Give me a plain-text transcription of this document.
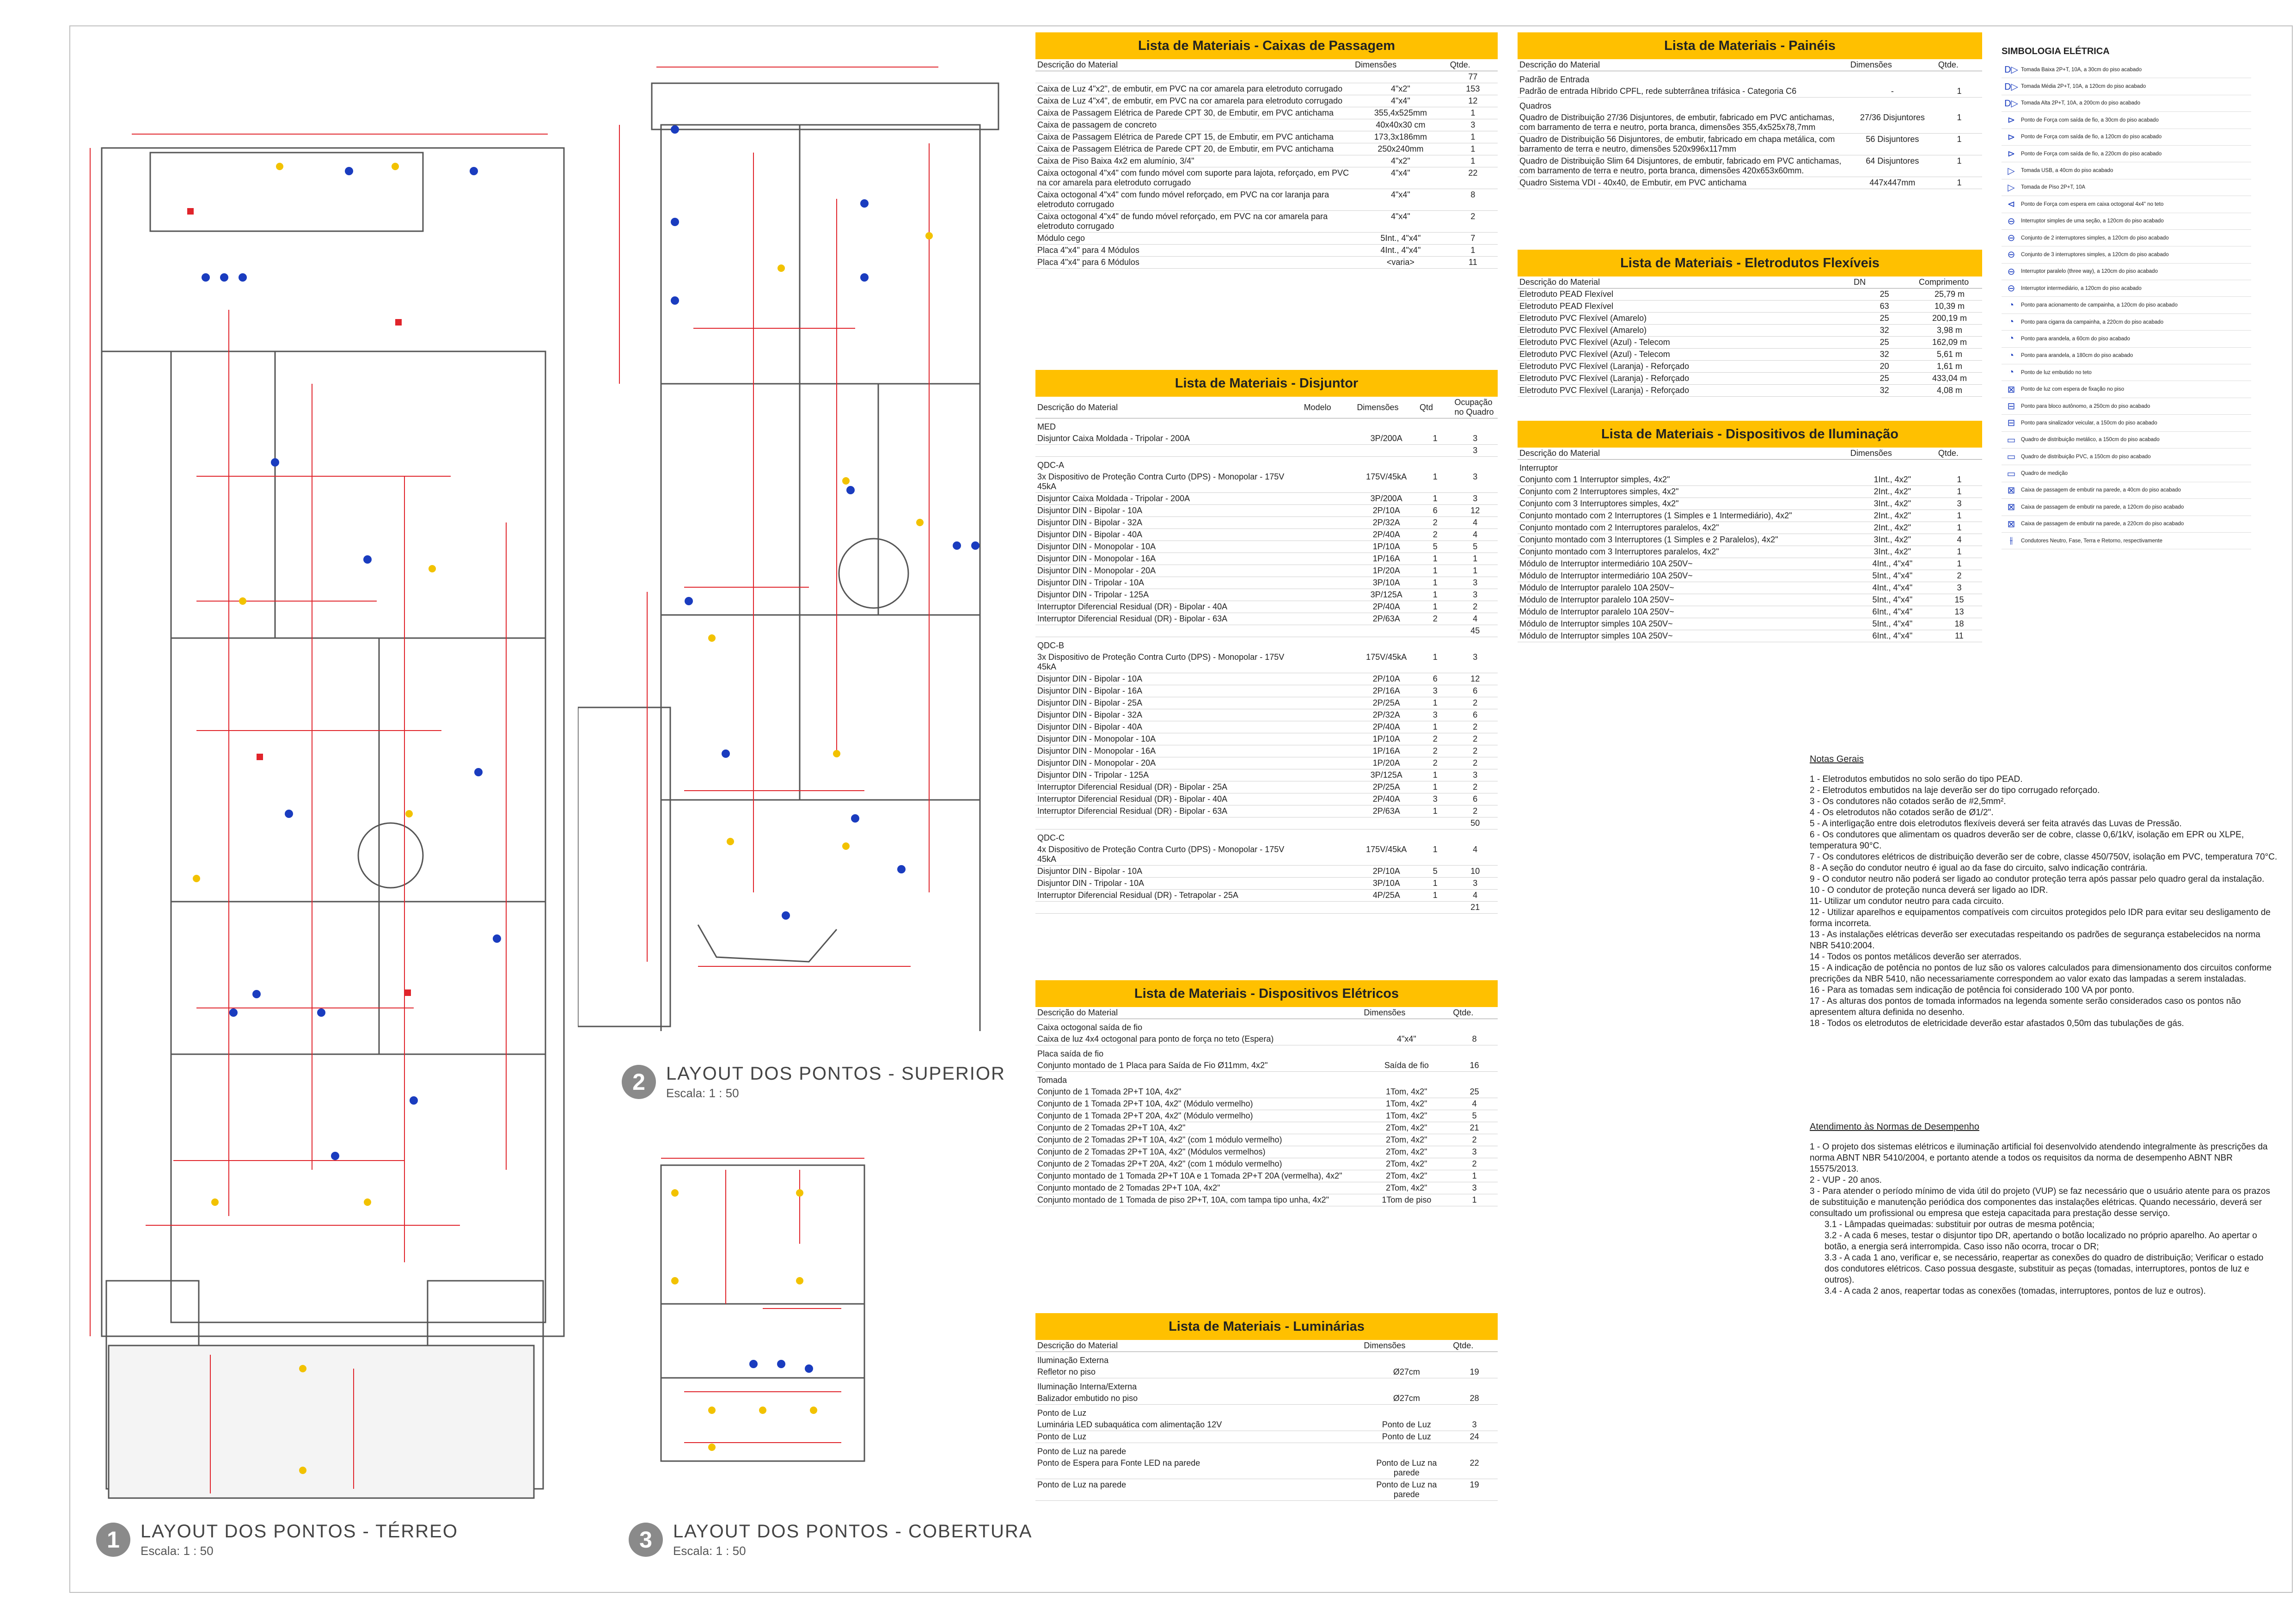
1	LAYOUT DOS PONTOS - TÉRREO
Escala: 1 : 50
2	LAYOUT DOS PONTOS - SUPERIOR
Escala: 1 : 50
3	LAYOUT DOS PONTOS - COBERTURA
Escala: 1 : 50
Lista de Materiais - Caixas de Passagem
Descrição do Material	Dimensões	Qtde.
		77
Caixa de Luz 4"x2", de embutir, em PVC na cor amarela para eletroduto corrugado	4"x2"	153
Caixa de Luz 4"x4", de embutir, em PVC na cor amarela para eletroduto corrugado	4"x4"	12
Caixa de Passagem Elétrica de Parede CPT 30, de Embutir, em PVC antichama	355,4x525mm	1
Caixa de passagem de concreto	40x40x30 cm	3
Caixa de Passagem Elétrica de Parede CPT 15, de Embutir, em PVC antichama	173,3x186mm	1
Caixa de Passagem Elétrica de Parede CPT 20, de Embutir, em PVC antichama	250x240mm	1
Caixa de Piso Baixa 4x2 em alumínio, 3/4"	4"x2"	1
Caixa octogonal 4"x4" com fundo móvel com suporte para lajota, reforçado, em PVC na cor amarela para eletroduto corrugado	4"x4"	22
Caixa octogonal 4"x4" com fundo móvel reforçado, em PVC na cor laranja para eletroduto corrugado	4"x4"	8
Caixa octogonal 4"x4" de fundo móvel reforçado, em PVC na cor amarela para eletroduto corrugado	4"x4"	2
Módulo cego	5Int., 4"x4"	7
Placa 4"x4" para 4 Módulos	4Int., 4"x4"	1
Placa 4"x4" para 6 Módulos	<varia>	11
Lista de Materiais - Disjuntor
Descrição do Material	Modelo	Dimensões	Qtd	Ocupação no Quadro
MED				
Disjuntor Caixa Moldada - Tripolar - 200A		3P/200A	1	3
				3
QDC-A				
3x Dispositivo de Proteção Contra Curto (DPS) - Monopolar - 175V 45kA		175V/45kA	1	3
Disjuntor Caixa Moldada - Tripolar - 200A		3P/200A	1	3
Disjuntor DIN - Bipolar - 10A		2P/10A	6	12
Disjuntor DIN - Bipolar - 32A		2P/32A	2	4
Disjuntor DIN - Bipolar - 40A		2P/40A	2	4
Disjuntor DIN - Monopolar - 10A		1P/10A	5	5
Disjuntor DIN - Monopolar - 16A		1P/16A	1	1
Disjuntor DIN - Monopolar - 20A		1P/20A	1	1
Disjuntor DIN - Tripolar - 10A		3P/10A	1	3
Disjuntor DIN - Tripolar - 125A		3P/125A	1	3
Interruptor Diferencial Residual (DR) - Bipolar - 40A		2P/40A	1	2
Interruptor Diferencial Residual (DR) - Bipolar - 63A		2P/63A	2	4
				45
QDC-B				
3x Dispositivo de Proteção Contra Curto (DPS) - Monopolar - 175V 45kA		175V/45kA	1	3
Disjuntor DIN - Bipolar - 10A		2P/10A	6	12
Disjuntor DIN - Bipolar - 16A		2P/16A	3	6
Disjuntor DIN - Bipolar - 25A		2P/25A	1	2
Disjuntor DIN - Bipolar - 32A		2P/32A	3	6
Disjuntor DIN - Bipolar - 40A		2P/40A	1	2
Disjuntor DIN - Monopolar - 10A		1P/10A	2	2
Disjuntor DIN - Monopolar - 16A		1P/16A	2	2
Disjuntor DIN - Monopolar - 20A		1P/20A	2	2
Disjuntor DIN - Tripolar - 125A		3P/125A	1	3
Interruptor Diferencial Residual (DR) - Bipolar - 25A		2P/25A	1	2
Interruptor Diferencial Residual (DR) - Bipolar - 40A		2P/40A	3	6
Interruptor Diferencial Residual (DR) - Bipolar - 63A		2P/63A	1	2
				50
QDC-C				
4x Dispositivo de Proteção Contra Curto (DPS) - Monopolar - 175V 45kA		175V/45kA	1	4
Disjuntor DIN - Bipolar - 10A		2P/10A	5	10
Disjuntor DIN - Tripolar - 10A		3P/10A	1	3
Interruptor Diferencial Residual (DR) - Tetrapolar - 25A		4P/25A	1	4
				21
Lista de Materiais - Dispositivos Elétricos
Descrição do Material	Dimensões	Qtde.
Caixa octogonal saída de fio		
Caixa de luz 4x4 octogonal para ponto de força no teto (Espera)	4"x4"	8
Placa saída de fio		
Conjunto montado de 1 Placa para Saída de Fio Ø11mm, 4x2"	Saída de fio	16
Tomada		
Conjunto de 1 Tomada 2P+T 10A, 4x2"	1Tom, 4x2"	25
Conjunto de 1 Tomada 2P+T 10A, 4x2" (Módulo vermelho)	1Tom, 4x2"	4
Conjunto de 1 Tomada 2P+T 20A, 4x2" (Módulo vermelho)	1Tom, 4x2"	5
Conjunto de 2 Tomadas 2P+T 10A, 4x2"	2Tom, 4x2"	21
Conjunto de 2 Tomadas 2P+T 10A, 4x2" (com 1 módulo vermelho)	2Tom, 4x2"	2
Conjunto de 2 Tomadas 2P+T 10A, 4x2" (Módulos vermelhos)	2Tom, 4x2"	3
Conjunto de 2 Tomadas 2P+T 20A, 4x2" (com 1 módulo vermelho)	2Tom, 4x2"	2
Conjunto montado de 1 Tomada 2P+T 10A e 1 Tomada 2P+T 20A (vermelha), 4x2"	2Tom, 4x2"	1
Conjunto montado de 2 Tomadas 2P+T 10A, 4x2"	2Tom, 4x2"	3
Conjunto montado de 1 Tomada de piso 2P+T, 10A, com tampa tipo unha, 4x2"	1Tom de piso	1
Lista de Materiais - Luminárias
Descrição do Material	Dimensões	Qtde.
Iluminação Externa		
Refletor no piso	Ø27cm	19
Iluminação Interna/Externa		
Balizador embutido no piso	Ø27cm	28
Ponto de Luz		
Luminária LED subaquática com alimentação 12V	Ponto de Luz	3
Ponto de Luz	Ponto de Luz	24
Ponto de Luz na parede		
Ponto de Espera para Fonte LED na parede	Ponto de Luz na parede	22
Ponto de Luz na parede	Ponto de Luz na parede	19
Lista de Materiais - Painéis
Descrição do Material	Dimensões	Qtde.
Padrão de Entrada		
Padrão de entrada Híbrido CPFL, rede subterrânea trifásica - Categoria C6	-	1
Quadros		
Quadro de Distribuição 27/36 Disjuntores, de embutir, fabricado em PVC antichamas, com barramento de terra e neutro, porta branca, dimensões 355,4x525x78,7mm	27/36 Disjuntores	1
Quadro de Distribuição 56 Disjuntores, de embutir, fabricado em chapa metálica, com barramento de terra e neutro, dimensões 520x996x117mm	56 Disjuntores	1
Quadro de Distribuição Slim 64 Disjuntores, de embutir, fabricado em PVC antichamas, com barramento de terra e neutro, porta branca, dimensões 420x653x60mm.	64 Disjuntores	1
Quadro Sistema VDI - 40x40, de Embutir, em PVC antichama	447x447mm	1
Lista de Materiais - Eletrodutos Flexíveis
Descrição do Material	DN	Comprimento
Eletroduto PEAD Flexível	25	25,79 m
Eletroduto PEAD Flexível	63	10,39 m
Eletroduto PVC Flexível (Amarelo)	25	200,19 m
Eletroduto PVC Flexível (Amarelo)	32	3,98 m
Eletroduto PVC Flexível (Azul) - Telecom	25	162,09 m
Eletroduto PVC Flexível (Azul) - Telecom	32	5,61 m
Eletroduto PVC Flexível (Laranja) - Reforçado	20	1,61 m
Eletroduto PVC Flexível (Laranja) - Reforçado	25	433,04 m
Eletroduto PVC Flexível (Laranja) - Reforçado	32	4,08 m
Lista de Materiais - Dispositivos de Iluminação
Descrição do Material	Dimensões	Qtde.
Interruptor		
Conjunto com 1 Interruptor simples, 4x2"	1Int., 4x2"	1
Conjunto com 2 Interruptores simples, 4x2"	2Int., 4x2"	1
Conjunto com 3 Interruptores simples, 4x2"	3Int., 4x2"	3
Conjunto montado com 2 Interruptores (1 Simples e 1 Intermediário), 4x2"	2Int., 4x2"	1
Conjunto montado com 2 Interruptores paralelos, 4x2"	2Int., 4x2"	1
Conjunto montado com 3 Interruptores (1 Simples e 2 Paralelos), 4x2"	3Int., 4x2"	4
Conjunto montado com 3 Interruptores paralelos, 4x2"	3Int., 4x2"	1
Módulo de Interruptor intermediário 10A 250V~	4Int., 4"x4"	1
Módulo de Interruptor intermediário 10A 250V~	5Int., 4"x4"	2
Módulo de Interruptor paralelo 10A 250V~	4Int., 4"x4"	3
Módulo de Interruptor paralelo 10A 250V~	5Int., 4"x4"	15
Módulo de Interruptor paralelo 10A 250V~	6Int., 4"x4"	13
Módulo de Interruptor simples 10A 250V~	5Int., 4"x4"	18
Módulo de Interruptor simples 10A 250V~	6Int., 4"x4"	11
SIMBOLOGIA ELÉTRICA
D▷ Tomada Baixa 2P+T, 10A, a 30cm do piso acabado
D▷ Tomada Média 2P+T, 10A, a 120cm do piso acabado
D▷ Tomada Alta 2P+T, 10A, a 200cm do piso acabado
⊳	Ponto de Força com saída de fio, a 30cm do piso acabado
⊳	Ponto de Força com saída de fio, a 120cm do piso acabado
⊳	Ponto de Força com saída de fio, a 220cm do piso acabado
▷	Tomada USB, a 40cm do piso acabado
▷	Tomada de Piso 2P+T, 10A
⊲	Ponto de Força com espera em caixa octogonal 4x4" no teto
⊖	Interruptor simples de uma seção, a 120cm do piso acabado
⊖	Conjunto de 2 interruptores simples, a 120cm do piso acabado
⊖	Conjunto de 3 interruptores simples, a 120cm do piso acabado
⊖	Interruptor paralelo (three way), a 120cm do piso acabado
⊖	Interruptor intermediário, a 120cm do piso acabado
◔	Ponto para acionamento de campainha, a 120cm do piso acabado
◔	Ponto para cigarra da campainha, a 220cm do piso acabado
◔	Ponto para arandela, a 60cm do piso acabado
◔	Ponto para arandela, a 180cm do piso acabado
◔	Ponto de luz embutido no teto
⊠	Ponto de luz com espera de fixação no piso
⊟	Ponto para bloco autônomo, a 250cm do piso acabado
⊟	Ponto para sinalizador veicular, a 150cm do piso acabado
▭	Quadro de distribuição metálico, a 150cm do piso acabado
▭	Quadro de distribuição PVC, a 150cm do piso acabado
▭	Quadro de medição
⊠	Caixa de passagem de embutir na parede, a 40cm do piso acabado
⊠	Caixa de passagem de embutir na parede, a 120cm do piso acabado
⊠	Caixa de passagem de embutir na parede, a 220cm do piso acabado
⫲	Condutores Neutro, Fase, Terra e Retorno, respectivamente
Notas Gerais

1 - Eletrodutos embutidos no solo serão do tipo PEAD.

2 - Eletrodutos embutidos na laje deverão ser do tipo corrugado reforçado.

3 - Os condutores não cotados serão de #2,5mm².

4 - Os eletrodutos não cotados serão de Ø1/2".

5 - A interligação entre dois eletrodutos flexíveis deverá ser feita através das Luvas de Pressão.

6 - Os condutores que alimentam os quadros deverão ser de cobre, classe 0,6/1kV, isolação em EPR ou XLPE, temperatura 90°C.

7 - Os condutores elétricos de distribuição deverão ser de cobre, classe 450/750V, isolação em PVC, temperatura 70°C.

8 - A seção do condutor neutro é igual ao da fase do circuito, salvo indicação contrária.

9 - O condutor neutro não poderá ser ligado ao condutor proteção terra após passar pelo quadro geral da instalação.

10 - O condutor de proteção nunca deverá ser ligado ao IDR.

11- Utilizar um condutor neutro para cada circuito.

12 - Utilizar aparelhos e equipamentos compatíveis com circuitos protegidos pelo IDR para evitar seu desligamento de forma incorreta.

13 - As instalações elétricas deverão ser executadas respeitando os padrões de segurança estabelecidos na norma NBR 5410:2004.

14 - Todos os pontos metálicos deverão ser aterrados.

15 - A indicação de potência no pontos de luz são os valores calculados para dimensionamento dos circuitos conforme precrições da NBR 5410, não necessariamente correspondem ao valor exato das lampadas a serem instaladas.

16 - Para as tomadas sem indicação de potência foi considerado 100 VA por ponto.

17 - As alturas dos pontos de tomada informados na legenda somente serão considerados caso os pontos não apresentem altura definida no desenho.

18 - Todos os eletrodutos de eletricidade deverão estar afastados 0,50m das tubulações de gás.

Atendimento às Normas de Desempenho

1 - O projeto dos sistemas elétricos e iluminação artificial foi desenvolvido atendendo integralmente às prescrições da norma ABNT NBR 5410/2004, e portanto atende a todos os requisitos da norma de desempenho ABNT NBR 15575/2013.

2 - VUP - 20 anos.

3 - Para atender o período mínimo de vida útil do projeto (VUP) se faz necessário que o usuário atente para os prazos de substituição e manutenção periódica dos componentes das instalações elétricas. Quando necessário, deverá ser consultado um profissional ou empresa que esteja capacitada para prestação desse serviço.

3.1 - Lâmpadas queimadas: substituir por outras de mesma potência;

3.2 - A cada 6 meses, testar o disjuntor tipo DR, apertando o botão localizado no próprio aparelho. Ao apertar o botão, a energia será interrompida. Caso isso não ocorra, trocar o DR;

3.3 - A cada 1 ano, verificar e, se necessário, reapertar as conexões do quadro de distribuição; Verificar o estado dos condutores elétricos. Caso possua desgaste, substituir as peças (tomadas, interruptores, pontos de luz e outros).

3.4 - A cada 2 anos, reapertar todas as conexões (tomadas, interruptores, pontos de luz e outros).
